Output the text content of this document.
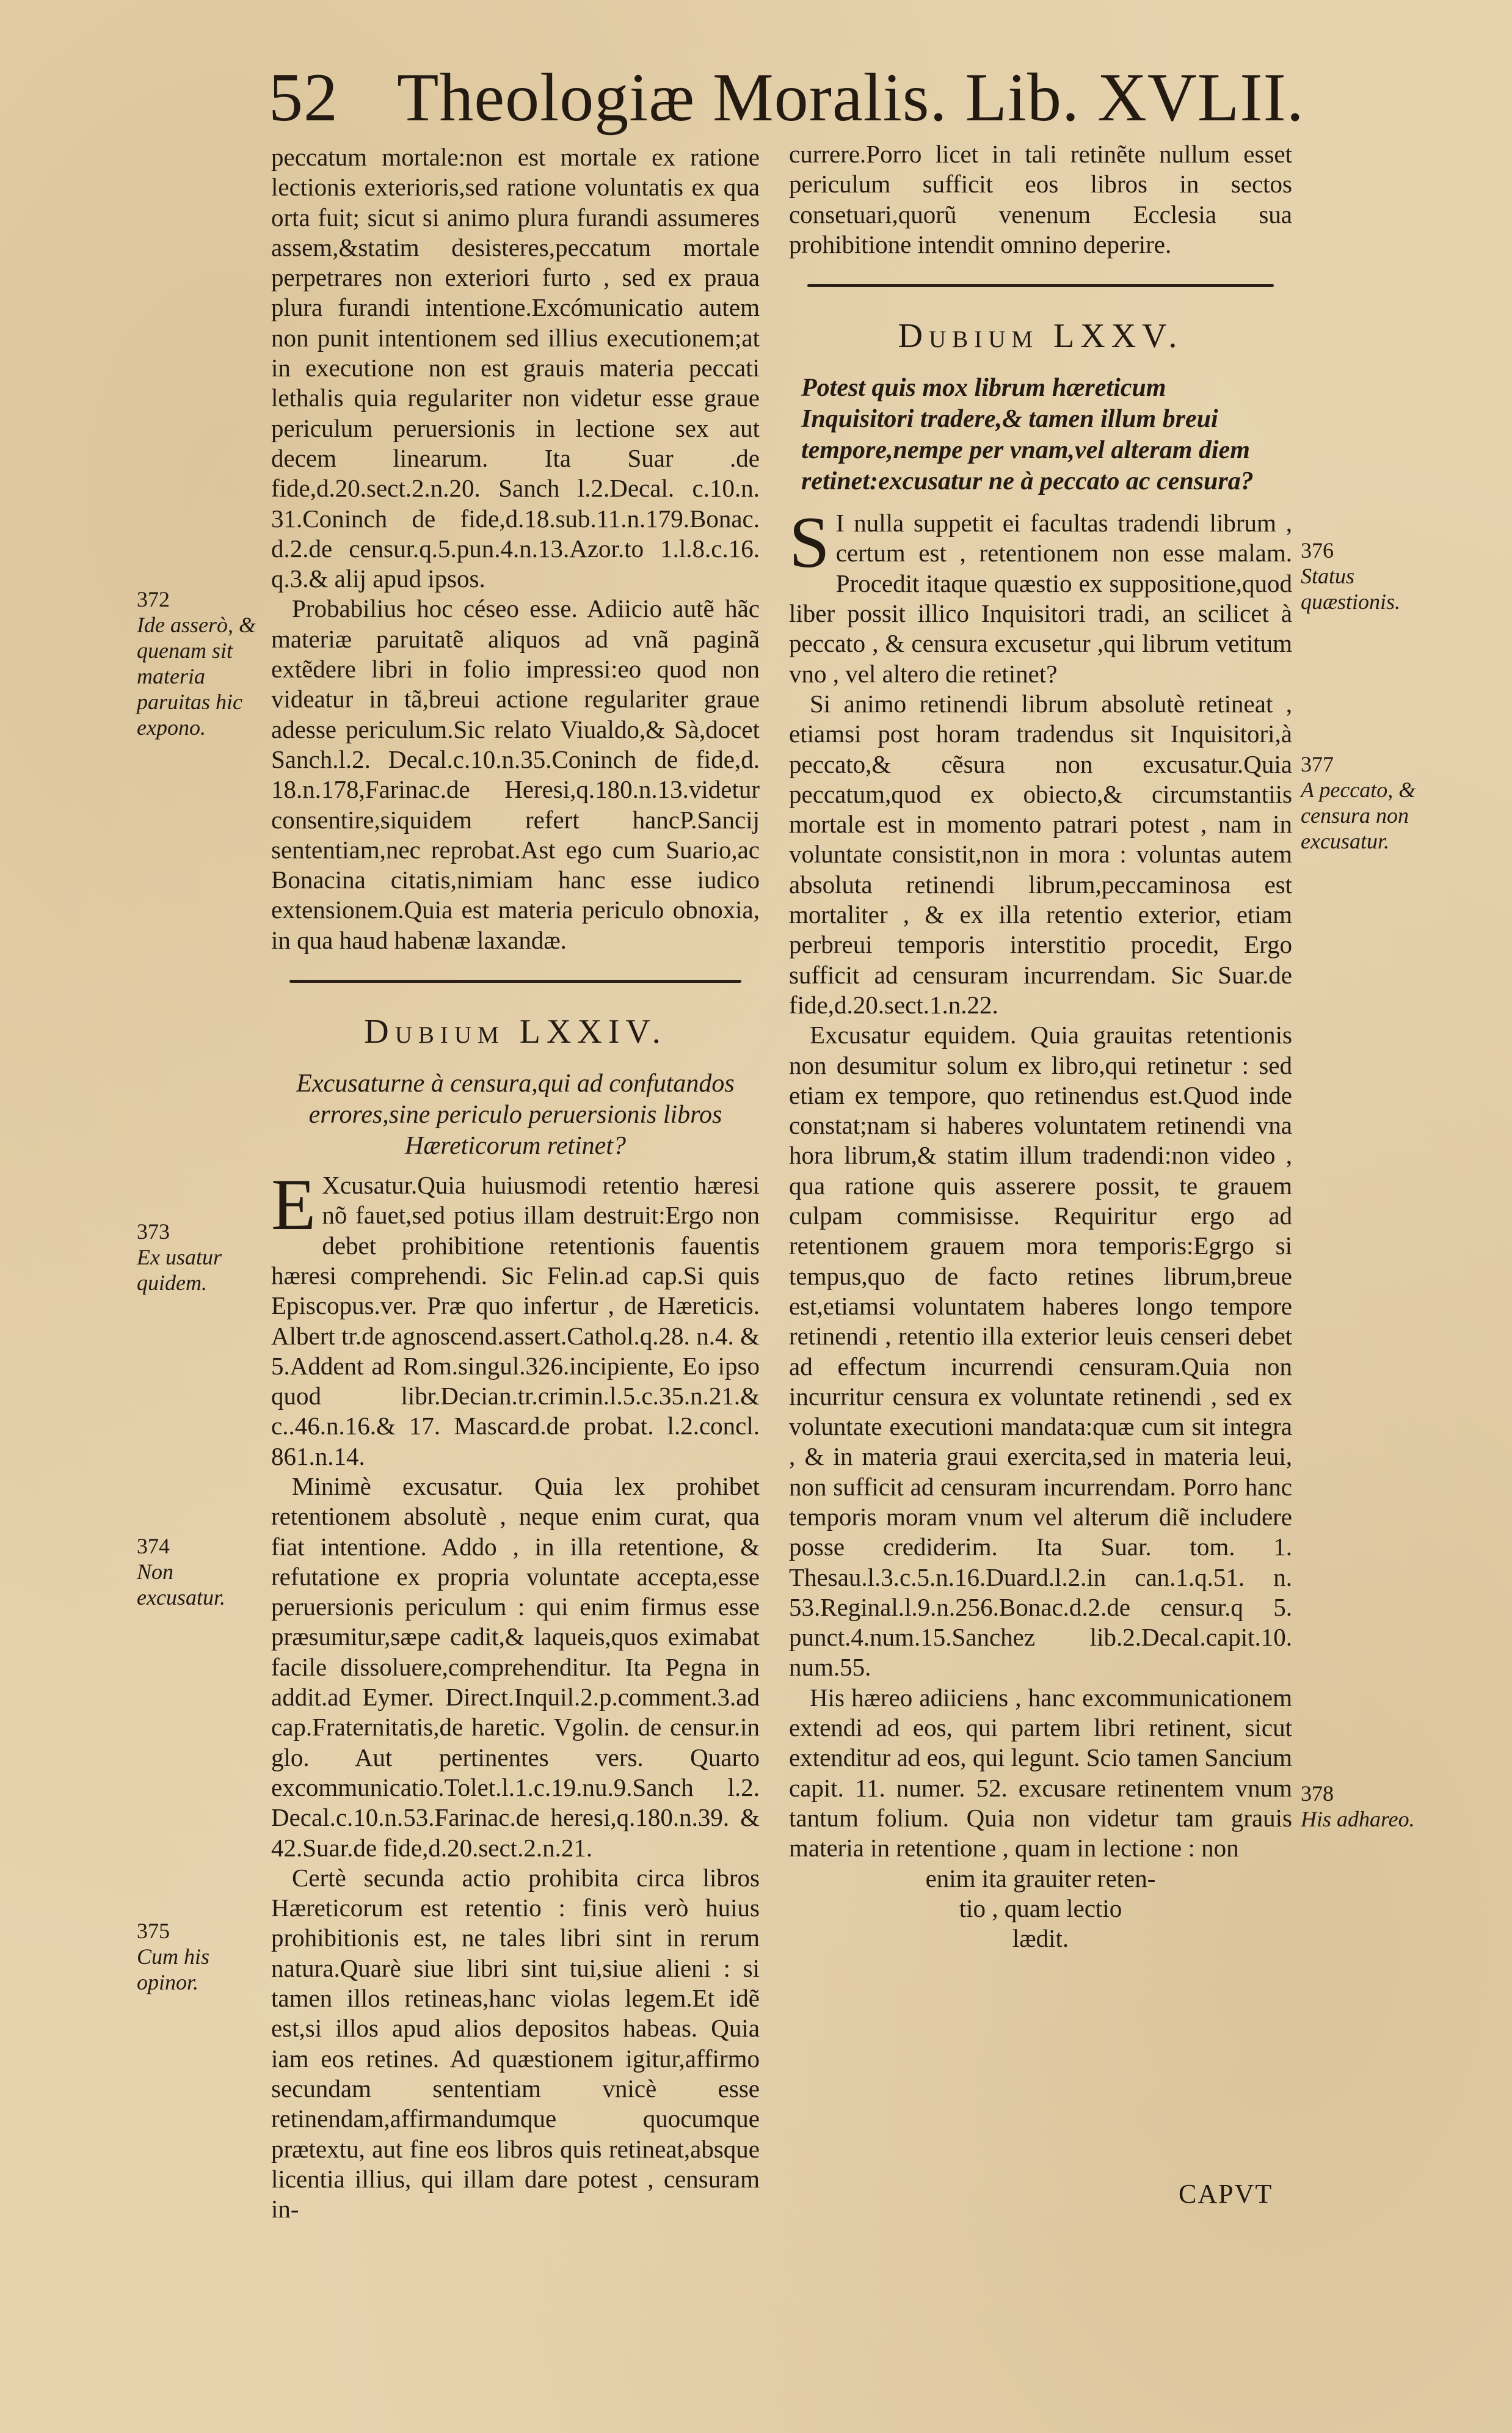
52 Theologiæ Moralis. Lib. XVLII.

peccatum mortale:non est mortale ex ratione lectionis exterioris,sed ratione voluntatis ex qua orta fuit; sicut si animo plura furandi assumeres assem,&statim desisteres,peccatum mortale perpetrares non exteriori furto , sed ex praua plura furandi intentione.Excómunicatio autem non punit intentionem sed illius executionem;at in executione non est grauis materia peccati lethalis quia regulariter non videtur esse graue periculum peruersionis in lectione sex aut decem linearum. Ita Suar .de fide,d.20.sect.2.n.20. Sanch l.2.Decal. c.10.n. 31.Coninch de fide,d.18.sub.11.n.179.Bonac. d.2.de censur.q.5.pun.4.n.13.Azor.to 1.l.8.c.16. q.3.& alij apud ipsos.

Probabilius hoc céseo esse. Adiicio autẽ hãc materiæ paruitatẽ aliquos ad vnã paginã extẽdere libri in folio impressi:eo quod non videatur in tã,breui actione regulariter graue adesse periculum.Sic relato Viualdo,& Sà,docet Sanch.l.2. Decal.c.10.n.35.Coninch de fide,d. 18.n.178,Farinac.de Heresi,q.180.n.13.videtur consentire,siquidem refert hancP.Sancij sententiam,nec reprobat.Ast ego cum Suario,ac Bonacina citatis,nimiam hanc esse iudico extensionem.Quia est materia periculo obnoxia, in qua haud habenæ laxandæ.

Dubium LXXIV.
Excusaturne à censura,qui ad confutandos errores,sine periculo peruersionis libros Hæreticorum retinet?

E Xcusatur.Quia huiusmodi retentio hæresi nõ fauet,sed potius illam destruit:Ergo non debet prohibitione retentionis fauentis hæresi comprehendi. Sic Felin.ad cap.Si quis Episcopus.ver. Præ quo infertur , de Hæreticis. Albert tr.de agnoscend.assert.Cathol.q.28. n.4. & 5.Addent ad Rom.singul.326.incipiente, Eo ipso quod libr.Decian.tr.crimin.l.5.c.35.n.21.& c..46.n.16.& 17. Mascard.de probat. l.2.concl. 861.n.14.

Minimè excusatur. Quia lex prohibet retentionem absolutè , neque enim curat, qua fiat intentione. Addo , in illa retentione, & refutatione ex propria voluntate accepta,esse peruersionis periculum : qui enim firmus esse præsumitur,sæpe cadit,& laqueis,quos eximabat facile dissoluere,comprehenditur. Ita Pegna in addit.ad Eymer. Direct.Inquil.2.p.comment.3.ad cap.Fraternitatis,de haretic. Vgolin. de censur.in glo. Aut pertinentes vers. Quarto excommunicatio.Tolet.l.1.c.19.nu.9.Sanch l.2. Decal.c.10.n.53.Farinac.de heresi,q.180.n.39. & 42.Suar.de fide,d.20.sect.2.n.21.

Certè secunda actio prohibita circa libros Hæreticorum est retentio : finis verò huius prohibitionis est, ne tales libri sint in rerum natura.Quarè siue libri sint tui,siue alieni : si tamen illos retineas,hanc violas legem.Et idẽ est,si illos apud alios depositos habeas. Quia iam eos retines. Ad quæstionem igitur,affirmo secundam sententiam vnicè esse retinendam,affirmandumque quocumque prætextu, aut fine eos libros quis retineat,absque licentia illius, qui illam dare potest , censuram in-

currere.Porro licet in tali retinẽte nullum esset periculum sufficit eos libros in sectos consetuari,quorũ venenum Ecclesia sua prohibitione intendit omnino deperire.

Dubium LXXV.
Potest quis mox librum hæreticum Inquisitori tradere,& tamen illum breui tempore,nempe per vnam,vel alteram diem retinet:excusatur ne à peccato ac censura?

S I nulla suppetit ei facultas tradendi librum , certum est , retentionem non esse malam. Procedit itaque quæstio ex suppositione,quod liber possit illico Inquisitori tradi, an scilicet à peccato , & censura excusetur ,qui librum vetitum vno , vel altero die retinet?

Si animo retinendi librum absolutè retineat , etiamsi post horam tradendus sit Inquisitori,à peccato,& cẽsura non excusatur.Quia peccatum,quod ex obiecto,& circumstantiis mortale est in momento patrari potest , nam in voluntate consistit,non in mora : voluntas autem absoluta retinendi librum,peccaminosa est mortaliter , & ex illa retentio exterior, etiam perbreui temporis interstitio procedit, Ergo sufficit ad censuram incurrendam. Sic Suar.de fide,d.20.sect.1.n.22.

Excusatur equidem. Quia grauitas retentionis non desumitur solum ex libro,qui retinetur : sed etiam ex tempore, quo retinendus est.Quod inde constat;nam si haberes voluntatem retinendi vna hora librum,& statim illum tradendi:non video , qua ratione quis asserere possit, te grauem culpam commisisse. Requiritur ergo ad retentionem grauem mora temporis:Egrgo si tempus,quo de facto retines librum,breue est,etiamsi voluntatem haberes longo tempore retinendi , retentio illa exterior leuis censeri debet ad effectum incurrendi censuram.Quia non incurritur censura ex voluntate retinendi , sed ex voluntate executioni mandata:quæ cum sit integra , & in materia graui exercita,sed in materia leui, non sufficit ad censuram incurrendam. Porro hanc temporis moram vnum vel alterum diẽ includere posse crediderim. Ita Suar. tom. 1. Thesau.l.3.c.5.n.16.Duard.l.2.in can.1.q.51. n. 53.Reginal.l.9.n.256.Bonac.d.2.de censur.q 5. punct.4.num.15.Sanchez lib.2.Decal.capit.10. num.55.

His hæreo adiiciens , hanc excommunicationem extendi ad eos, qui partem libri retinent, sicut extenditur ad eos, qui legunt. Scio tamen Sancium capit. 11. numer. 52. excusare retinentem vnum tantum folium. Quia non videtur tam grauis materia in retentione , quam in lectione : non

enim ita grauiter reten-
tio , quam lectio
lædit.
CAPVT
372
Ide asserò, & quenam sit materia paruitas hic expono.
373
Ex usatur quidem.
374
Non excusatur.
375
Cum his opinor.
376
Status quæstionis.
377
A peccato, & censura non excusatur.
378
His adhareo.
